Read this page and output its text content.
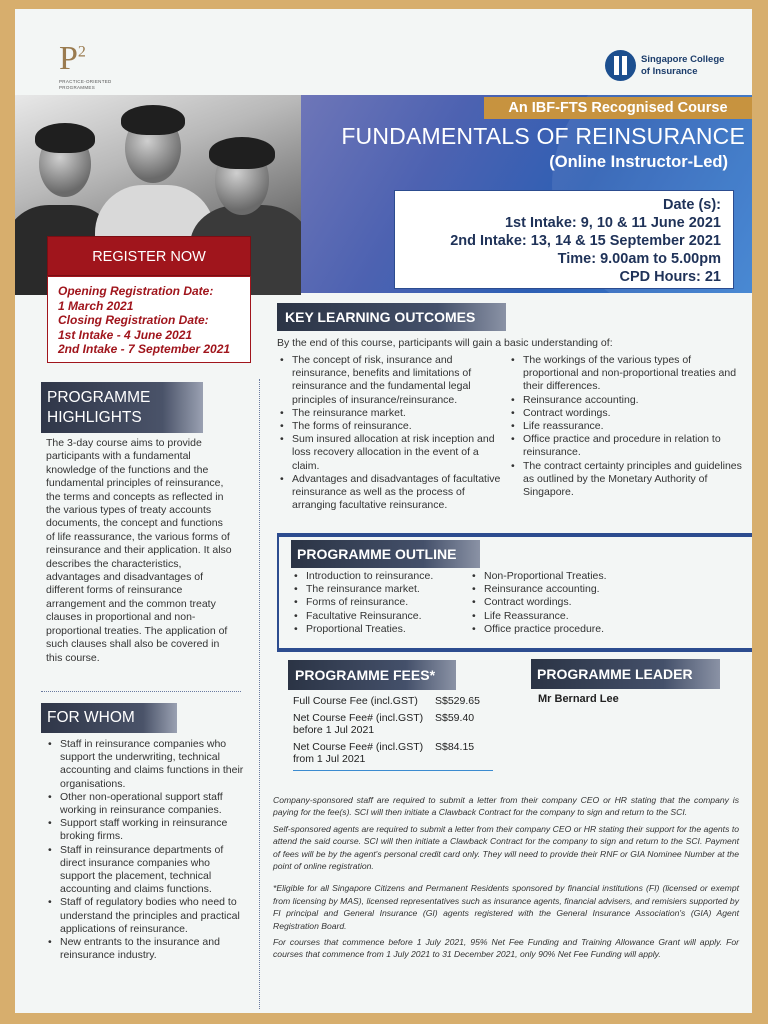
$P^2$
PRACTICE-ORIENTED PROGRAMMES
Singapore College
of Insurance
An IBF-FTS Recognised Course
FUNDAMENTALS OF REINSURANCE
(Online Instructor-Led)
Date (s):
1st Intake: 9, 10 & 11 June 2021
2nd Intake: 13, 14 & 15 September 2021
Time: 9.00am to 5.00pm
CPD Hours: 21
REGISTER NOW
Opening Registration Date:
1 March 2021
Closing Registration Date:
1st Intake - 4 June 2021
2nd Intake - 7 September 2021
KEY LEARNING OUTCOMES
By the end of this course, participants will gain a basic understanding of:
• The concept of risk, insurance and reinsurance, benefits and limitations of reinsurance and the fundamental legal principles of insurance/reinsurance.
• The reinsurance market.
• The forms of reinsurance.
• Sum insured allocation at risk inception and loss recovery allocation in the event of a claim.
• Advantages and disadvantages of facultative reinsurance as well as the process of arranging facultative reinsurance.
• The workings of the various types of proportional and non-proportional treaties and their differences.
• Reinsurance accounting.
• Contract wordings.
• Life reassurance.
• Office practice and procedure in relation to reinsurance.
• The contract certainty principles and guidelines as outlined by the Monetary Authority of Singapore.
PROGRAMME OUTLINE
• Introduction to reinsurance.
• The reinsurance market.
• Forms of reinsurance.
• Facultative Reinsurance.
• Proportional Treaties.
• Non-Proportional Treaties.
• Reinsurance accounting.
• Contract wordings.
• Life Reassurance.
• Office practice procedure.
PROGRAMME FEES*
Full Course Fee (incl.GST)	S$529.65
Net Course Fee# (incl.GST) before 1 Jul 2021
S$59.40
Net Course Fee# (incl.GST) from 1 Jul 2021
S$84.15
PROGRAMME LEADER
Mr Bernard Lee

Company-sponsored staff are required to submit a letter from their company CEO or HR stating that the company is paying for the fee(s). SCI will then initiate a Clawback Contract for the company to sign and return to the SCI.

Self-sponsored agents are required to submit a letter from their company CEO or HR stating their support for the agents to attend the said course. SCI will then initiate a Clawback Contract for the company to sign and return to the SCI. Payment of fees will be by the agent's personal credit card only. They will need to provide their RNF or GIA Nominee Number at the point of online registration.

*Eligible for all Singapore Citizens and Permanent Residents sponsored by financial institutions (FI) (licensed or exempt from licensing by MAS), licensed representatives such as insurance agents, financial advisers, and remisiers supported by FI principal and General Insurance (GI) agents registered with the General Insurance Association's (GIA) Agent Registration Board.

For courses that commence before 1 July 2021, 95% Net Fee Funding and Training Allowance Grant will apply. For courses that commence from 1 July 2021 to 31 December 2021, only 90% Net Fee Funding will apply.

PROGRAMME
HIGHLIGHTS
The 3-day course aims to provide participants with a fundamental knowledge of the functions and the fundamental principles of reinsurance, the terms and concepts as reflected in the various types of treaty accounts documents, the concept and functions of life reassurance, the various forms of reinsurance and their application. It also describes the characteristics, advantages and disadvantages of different forms of reinsurance arrangement and the common treaty clauses in proportional and non-proportional treaties. The application of such clauses shall also be covered in this course.
FOR WHOM
• Staff in reinsurance companies who support the underwriting, technical accounting and claims functions in their organisations.
• Other non-operational support staff working in reinsurance companies.
• Support staff working in reinsurance broking firms.
• Staff in reinsurance departments of direct insurance companies who support the placement, technical accounting and claims functions.
• Staff of regulatory bodies who need to understand the principles and practical applications of reinsurance.
• New entrants to the insurance and reinsurance industry.
